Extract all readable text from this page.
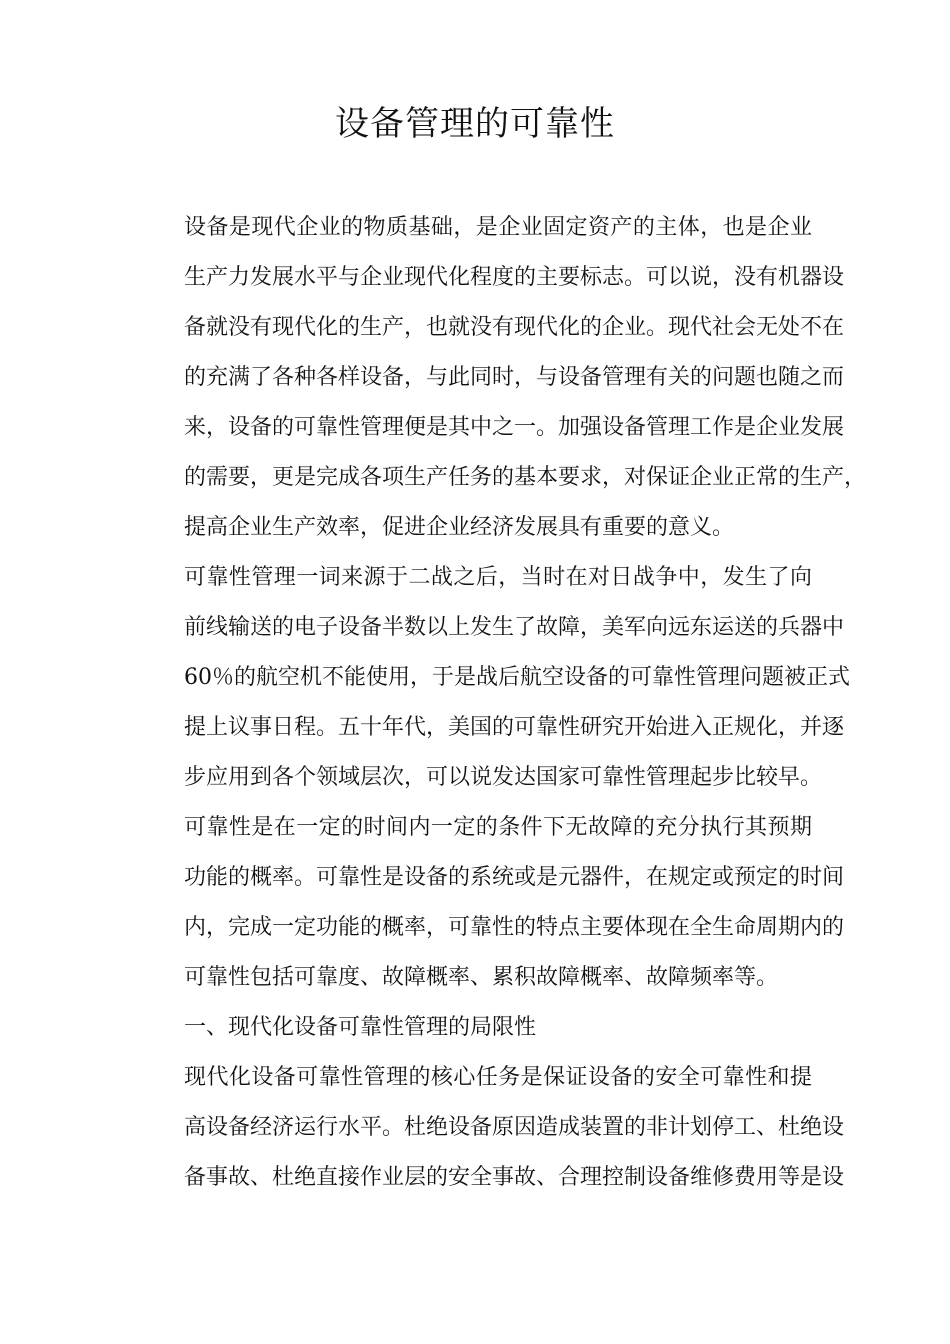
设备管理的可靠性

设备是现代企业的物质基础，是企业固定资产的主体，也是企业
生产力发展水平与企业现代化程度的主要标志。可以说，没有机器设
备就没有现代化的生产，也就没有现代化的企业。现代社会无处不在
的充满了各种各样设备，与此同时，与设备管理有关的问题也随之而
来，设备的可靠性管理便是其中之一。加强设备管理工作是企业发展
的需要，更是完成各项生产任务的基本要求，对保证企业正常的生产，
提高企业生产效率，促进企业经济发展具有重要的意义。

可靠性管理一词来源于二战之后，当时在对日战争中，发生了向
前线输送的电子设备半数以上发生了故障，美军向远东运送的兵器中
60％的航空机不能使用，于是战后航空设备的可靠性管理问题被正式
提上议事日程。五十年代，美国的可靠性研究开始进入正规化，并逐
步应用到各个领域层次，可以说发达国家可靠性管理起步比较早。

可靠性是在一定的时间内一定的条件下无故障的充分执行其预期
功能的概率。可靠性是设备的系统或是元器件，在规定或预定的时间
内，完成一定功能的概率，可靠性的特点主要体现在全生命周期内的
可靠性包括可靠度、故障概率、累积故障概率、故障频率等。

一、现代化设备可靠性管理的局限性

现代化设备可靠性管理的核心任务是保证设备的安全可靠性和提
高设备经济运行水平。杜绝设备原因造成装置的非计划停工、杜绝设
备事故、杜绝直接作业层的安全事故、合理控制设备维修费用等是设
